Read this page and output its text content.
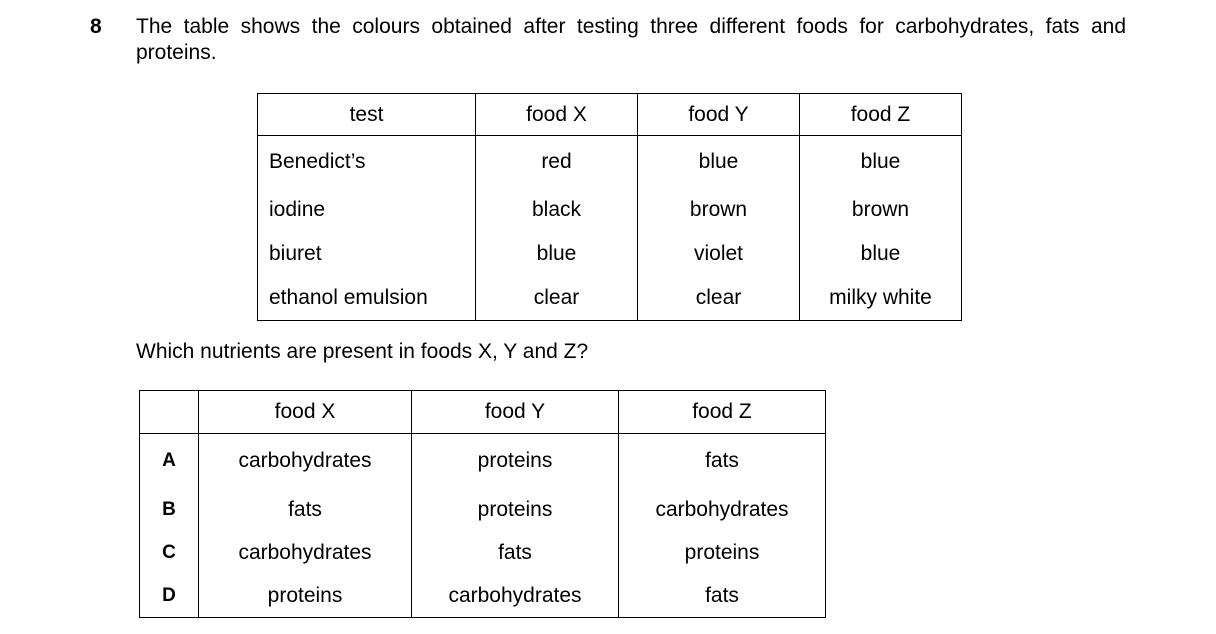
8 The table shows the colours obtained after testing three different foods for carbohydrates, fats and proteins.
test	food X	food Y	food Z
Benedict’s	red	blue	blue
iodine	black	brown	brown
biuret	blue	violet	blue
ethanol emulsion	clear	clear	milky white
Which nutrients are present in foods X, Y and Z?
	food X	food Y	food Z
A	carbohydrates	proteins	fats
B	fats	proteins	carbohydrates
C	carbohydrates	fats	proteins
D	proteins	carbohydrates	fats
